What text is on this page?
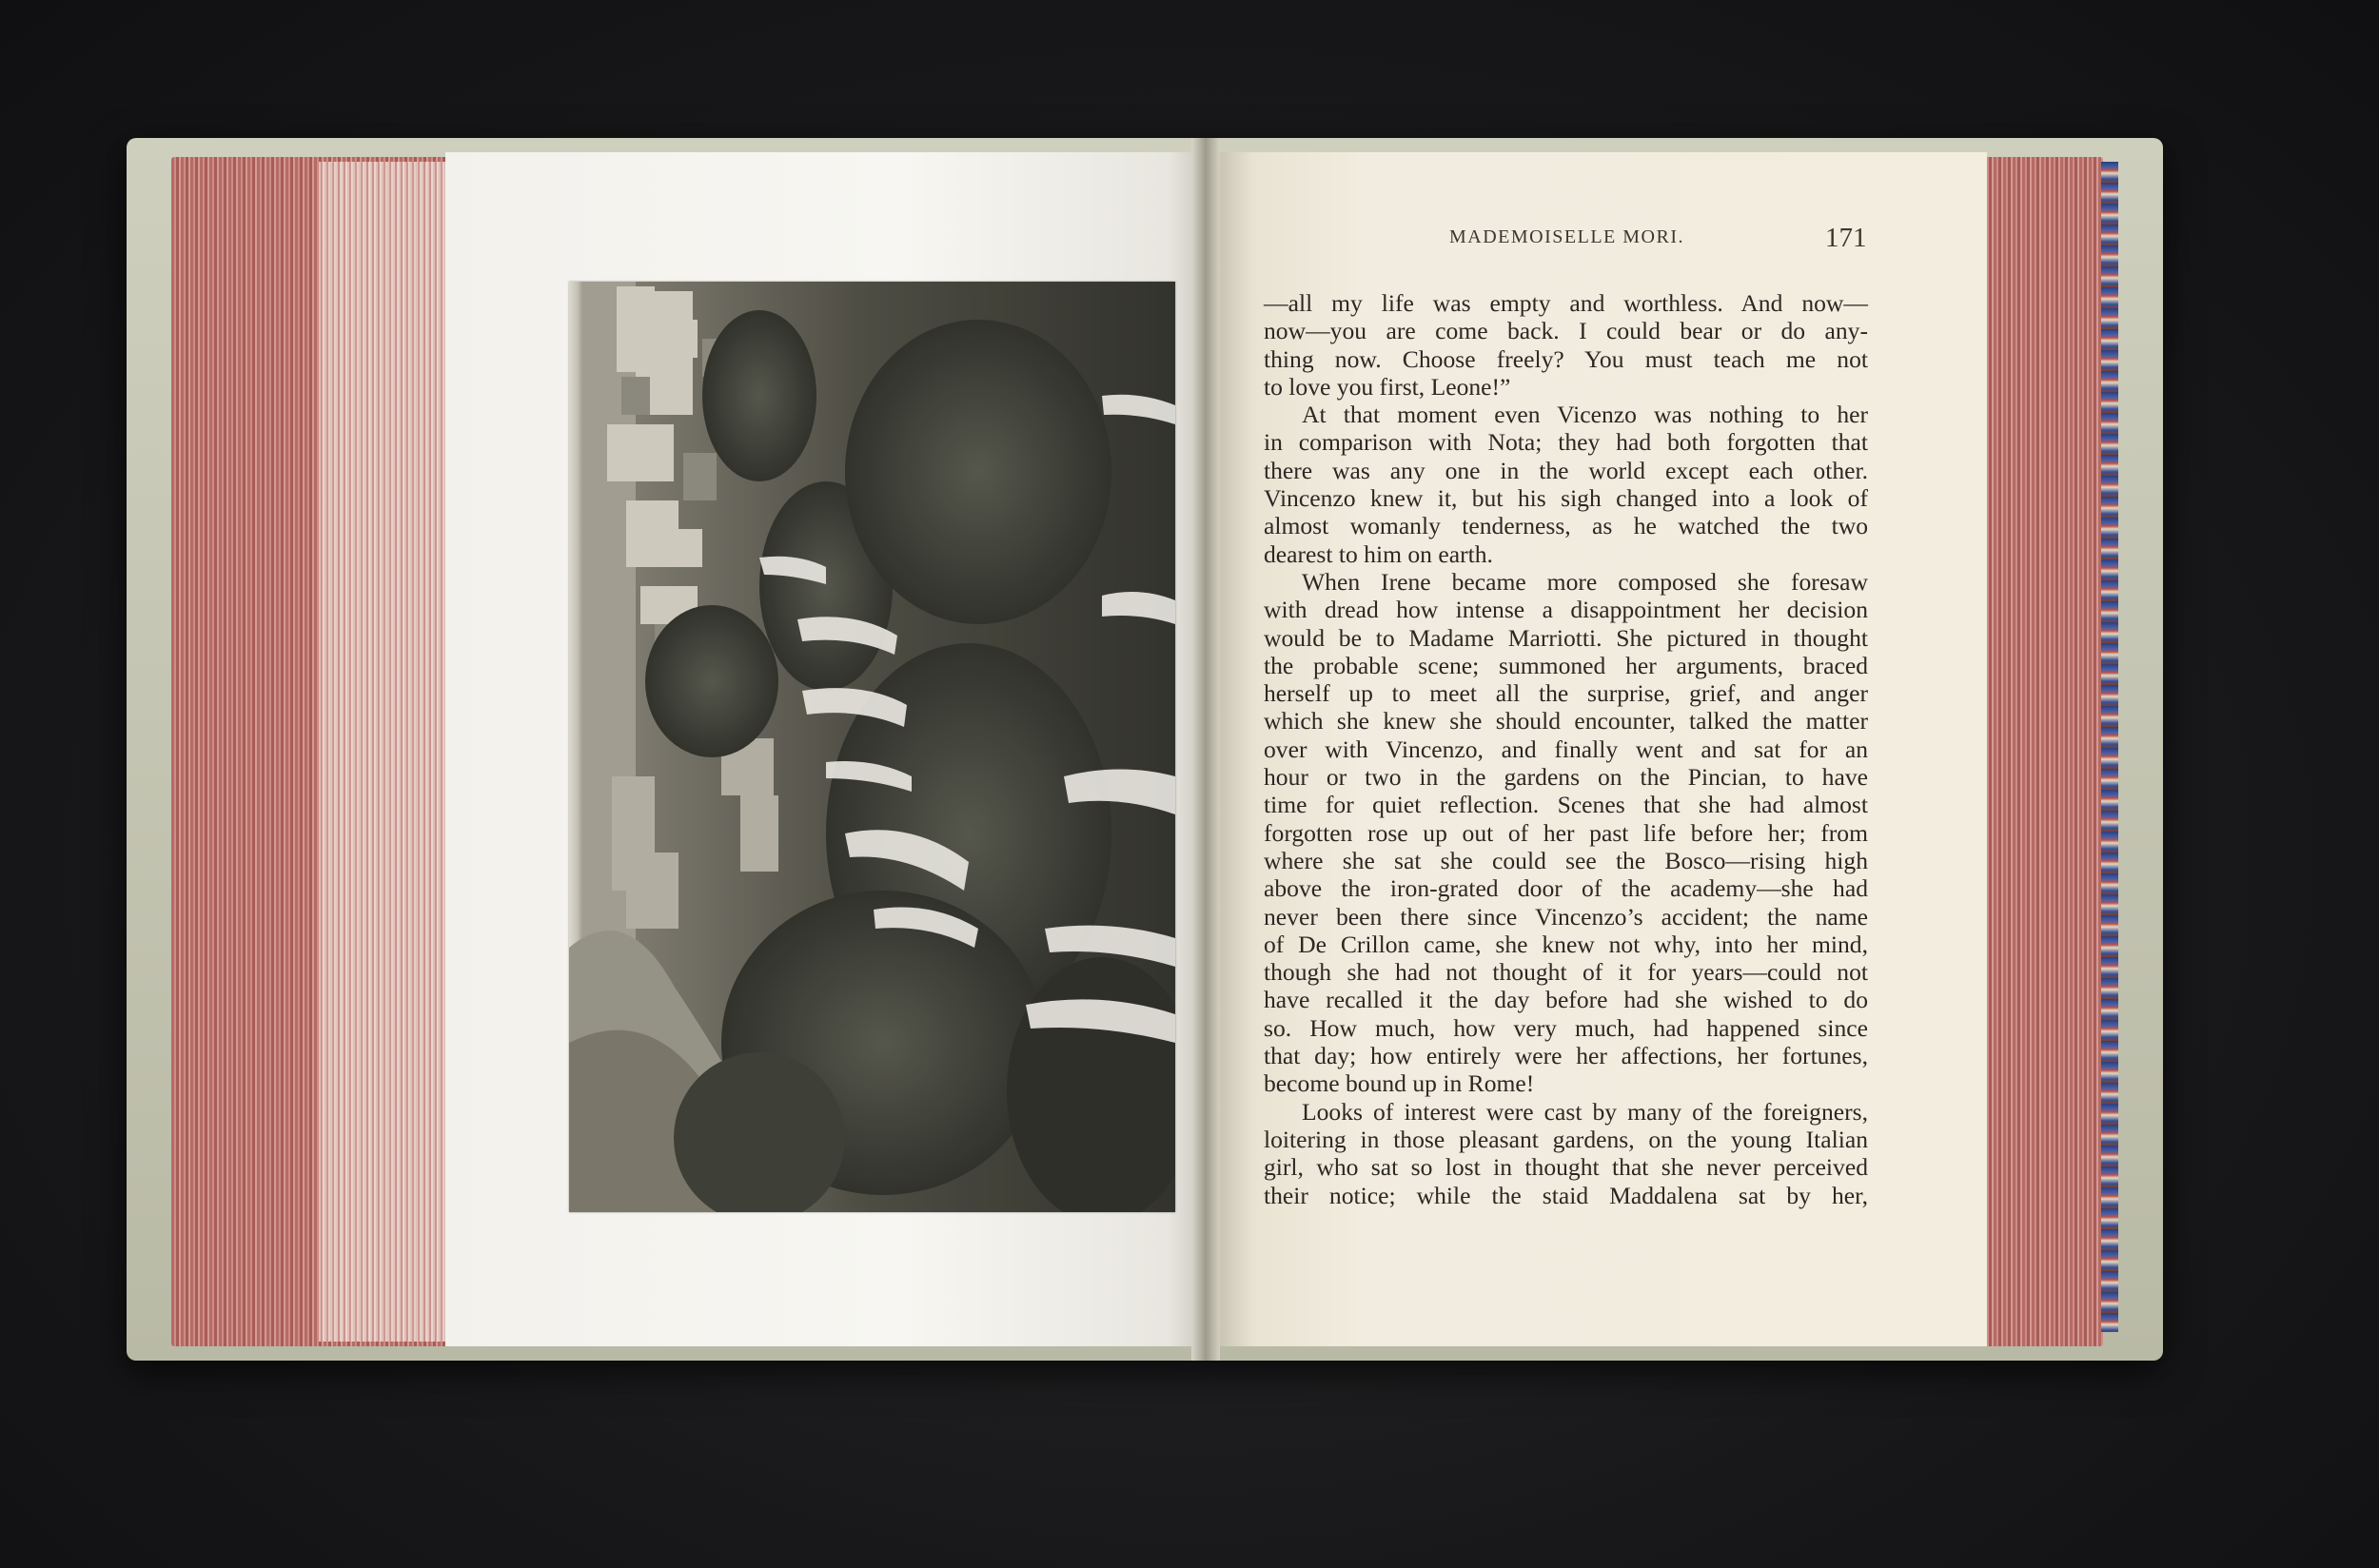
MADEMOISELLE MORI.	171
—all my life was empty and worthless. And now—
now—you are come back. I could bear or do any-
thing now. Choose freely? You must teach me not
to love you first, Leone!”
At that moment even Vicenzo was nothing to her
in comparison with Nota; they had both forgotten that
there was any one in the world except each other.
Vincenzo knew it, but his sigh changed into a look of
almost womanly tenderness, as he watched the two
dearest to him on earth.
When Irene became more composed she foresaw
with dread how intense a disappointment her decision
would be to Madame Marriotti. She pictured in thought
the probable scene; summoned her arguments, braced
herself up to meet all the surprise, grief, and anger
which she knew she should encounter, talked the matter
over with Vincenzo, and finally went and sat for an
hour or two in the gardens on the Pincian, to have
time for quiet reflection. Scenes that she had almost
forgotten rose up out of her past life before her; from
where she sat she could see the Bosco—rising high
above the iron-grated door of the academy—she had
never been there since Vincenzo’s accident; the name
of De Crillon came, she knew not why, into her mind,
though she had not thought of it for years—could not
have recalled it the day before had she wished to do
so. How much, how very much, had happened since
that day; how entirely were her affections, her fortunes,
become bound up in Rome!
Looks of interest were cast by many of the foreigners,
loitering in those pleasant gardens, on the young Italian
girl, who sat so lost in thought that she never perceived
their notice; while the staid Maddalena sat by her,
